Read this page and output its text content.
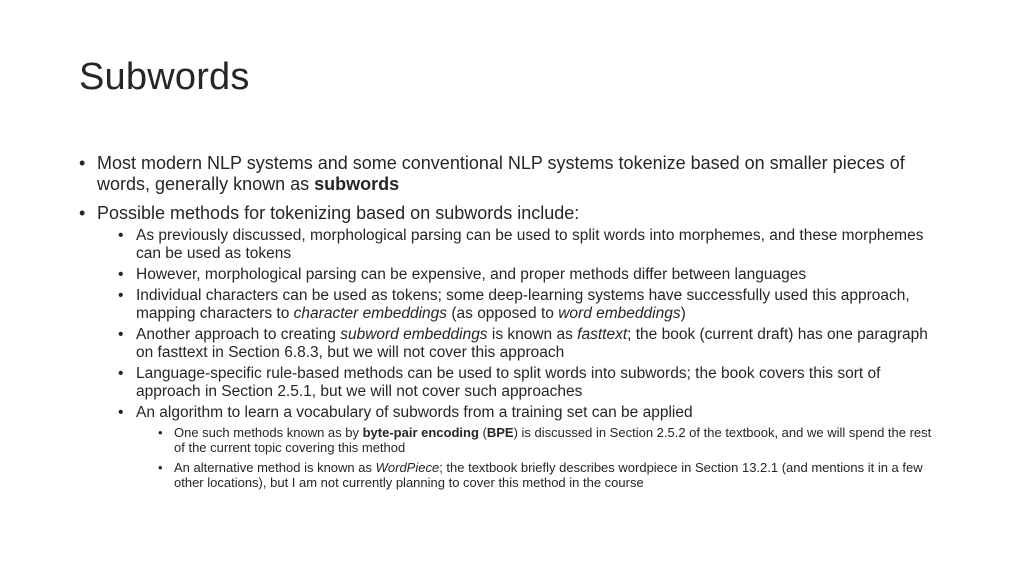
Subwords

• Most modern NLP systems and some conventional NLP systems tokenize based on smaller pieces of words, generally known as subwords

• Possible methods for tokenizing based on subwords include:

• As previously discussed, morphological parsing can be used to split words into morphemes, and these morphemes can be used as tokens

• However, morphological parsing can be expensive, and proper methods differ between languages

• Individual characters can be used as tokens; some deep-learning systems have successfully used this approach, mapping characters to character embeddings (as opposed to word embeddings)

• Another approach to creating subword embeddings is known as fasttext; the book (current draft) has one paragraph on fasttext in Section 6.8.3, but we will not cover this approach

• Language-specific rule-based methods can be used to split words into subwords; the book covers this sort of approach in Section 2.5.1, but we will not cover such approaches

• An algorithm to learn a vocabulary of subwords from a training set can be applied

• One such methods known as by byte-pair encoding (BPE) is discussed in Section 2.5.2 of the textbook, and we will spend the rest of the current topic covering this method

• An alternative method is known as WordPiece; the textbook briefly describes wordpiece in Section 13.2.1 (and mentions it in a few other locations), but I am not currently planning to cover this method in the course
